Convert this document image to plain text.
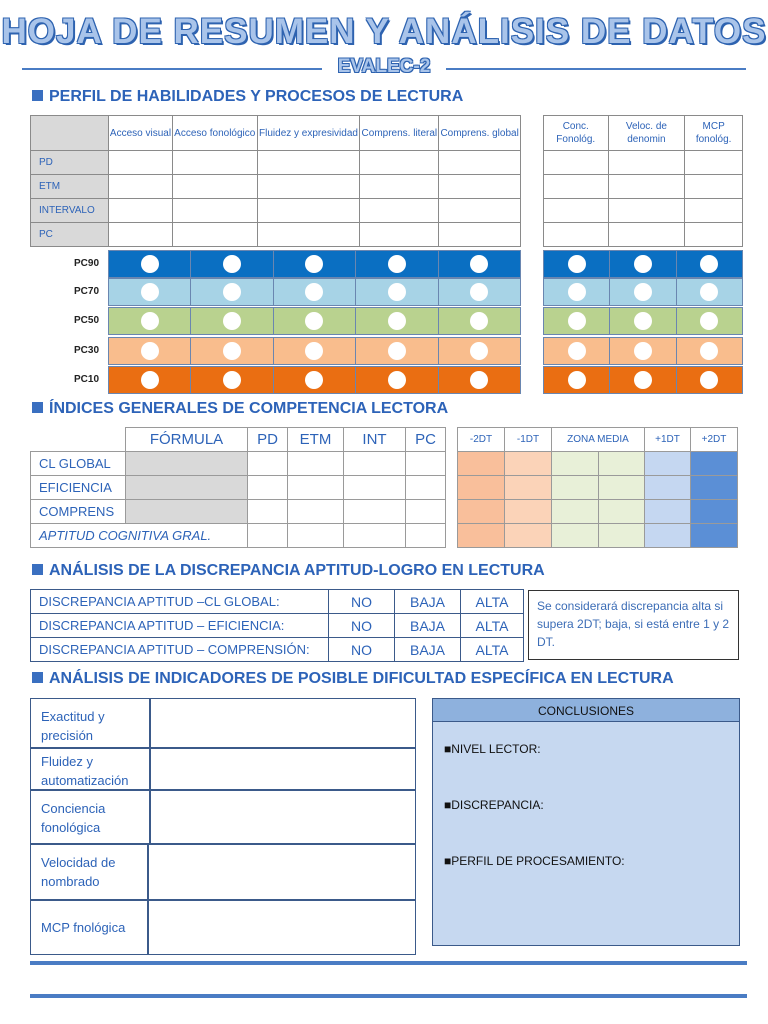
HOJA DE RESUMEN Y ANÁLISIS DE DATOS
EVALEC-2
PERFIL DE HABILIDADES Y PROCESOS DE LECTURA
	Acceso visual	Acceso fonológico	Fluidez y expresividad	Comprens. literal	Comprens. global
PD					
ETM					
INTERVALO					
PC					
Conc. Fonológ.	Veloc. de denomin	MCP fonológ.

PC90

PC70

PC50

PC30

PC10

ÍNDICES GENERALES DE COMPETENCIA LECTORA
	FÓRMULA	PD	ETM	INT	PC
CL GLOBAL					
EFICIENCIA					
COMPRENS					
APTITUD COGNITIVA GRAL.					
-2DT	-1DT	ZONA MEDIA		+1DT	+2DT

ANÁLISIS DE LA DISCREPANCIA APTITUD-LOGRO EN LECTURA
DISCREPANCIA APTITUD –CL GLOBAL:	NO	BAJA	ALTA
DISCREPANCIA APTITUD – EFICIENCIA:	NO	BAJA	ALTA
DISCREPANCIA APTITUD – COMPRENSIÓN:	NO	BAJA	ALTA
Se considerará discrepancia alta si supera 2DT; baja, si está entre 1 y 2 DT.
ANÁLISIS DE INDICADORES DE POSIBLE DIFICULTAD ESPECÍFICA EN LECTURA
Exactitud y precisión
Fluidez y automatización
Conciencia fonológica
Velocidad de nombrado
MCP fnológica
CONCLUSIONES
■NIVEL LECTOR:
■DISCREPANCIA:
■PERFIL DE PROCESAMIENTO:
